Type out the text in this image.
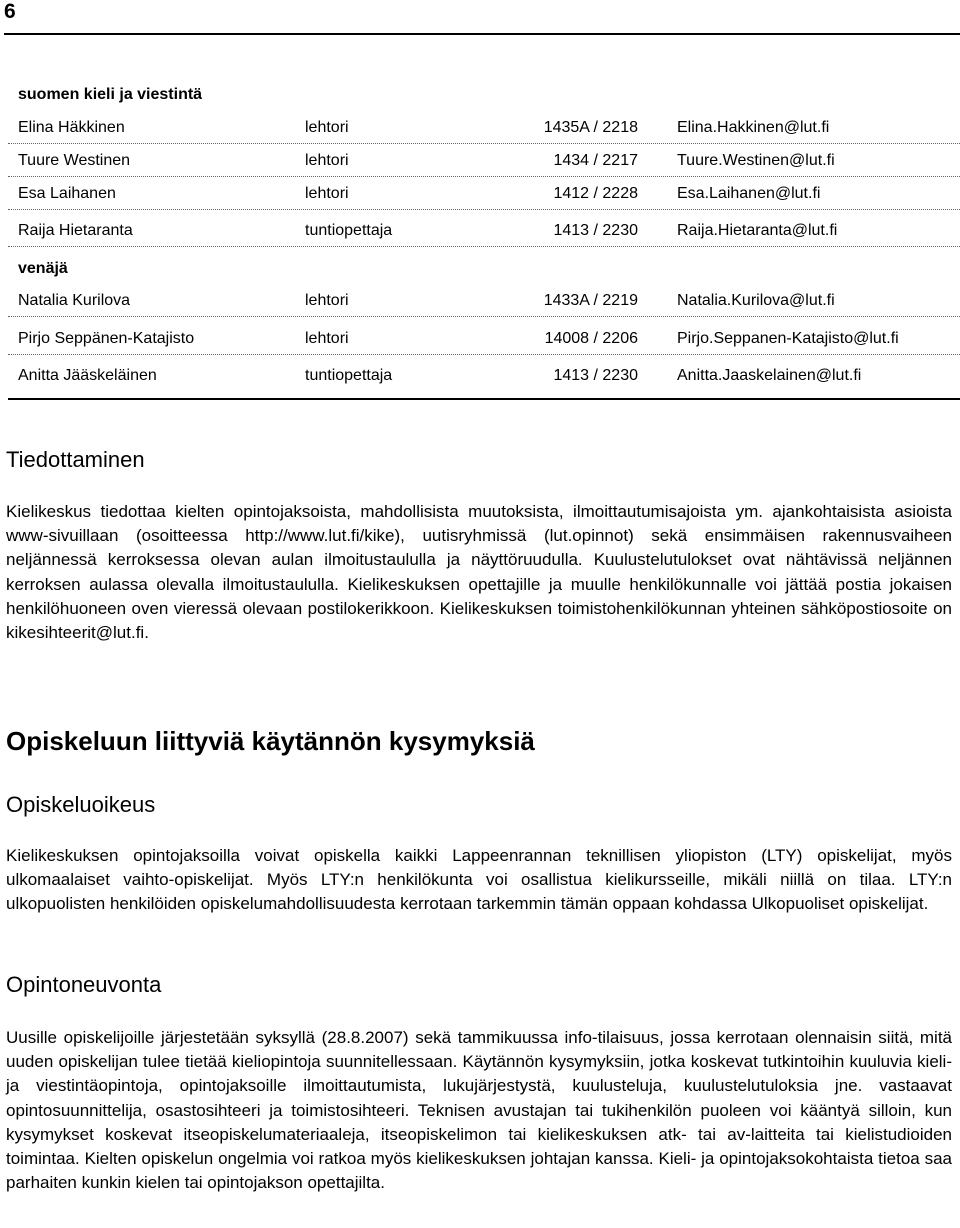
6
suomen kieli ja viestintä
Elina Häkkinen	lehtori	1435A / 2218 Elina.Hakkinen@lut.fi
Tuure Westinen	lehtori	1434 / 2217 Tuure.Westinen@lut.fi
Esa Laihanen	lehtori	1412 / 2228 Esa.Laihanen@lut.fi
Raija Hietaranta	tuntiopettaja	1413 / 2230 Raija.Hietaranta@lut.fi
venäjä
Natalia Kurilova	lehtori	1433A / 2219 Natalia.Kurilova@lut.fi
Pirjo Seppänen-Katajisto	lehtori	14008 / 2206 Pirjo.Seppanen-Katajisto@lut.fi
Anitta Jääskeläinen	tuntiopettaja	1413 / 2230 Anitta.Jaaskelainen@lut.fi
Tiedottaminen

Kielikeskus tiedottaa kielten opintojaksoista, mahdollisista muutoksista, ilmoittautumisajoista ym. ajankohtaisista asioista www-sivuillaan (osoitteessa http://www.lut.fi/kike), uutisryhmissä (lut.opinnot) sekä ensimmäisen rakennusvaiheen neljännessä kerroksessa olevan aulan ilmoitustaululla ja näyttöruudulla. Kuulustelutulokset ovat nähtävissä neljännen kerroksen aulassa olevalla ilmoitustaululla. Kielikeskuksen opettajille ja muulle henkilökunnalle voi jättää postia jokaisen henkilöhuoneen oven vieressä olevaan postilokerikkoon. Kielikeskuksen toimistohenkilökunnan yhteinen sähköpostiosoite on kikesihteerit@lut.fi.

Opiskeluun liittyviä käytännön kysymyksiä
Opiskeluoikeus

Kielikeskuksen opintojaksoilla voivat opiskella kaikki Lappeenrannan teknillisen yliopiston (LTY) opiskelijat, myös ulkomaalaiset vaihto-opiskelijat. Myös LTY:n henkilökunta voi osallistua kielikursseille, mikäli niillä on tilaa. LTY:n ulkopuolisten henkilöiden opiskelumahdollisuudesta kerrotaan tarkemmin tämän oppaan kohdassa Ulkopuoliset opiskelijat.

Opintoneuvonta

Uusille opiskelijoille järjestetään syksyllä (28.8.2007) sekä tammikuussa info-tilaisuus, jossa kerrotaan olennaisin siitä, mitä uuden opiskelijan tulee tietää kieliopintoja suunnitellessaan. Käytännön kysymyksiin, jotka koskevat tutkintoihin kuuluvia kieli- ja viestintäopintoja, opintojaksoille ilmoittautumista, lukujärjestystä, kuulusteluja, kuulustelutuloksia jne. vastaavat opintosuunnittelija, osastosihteeri ja toimistosihteeri. Teknisen avustajan tai tukihenkilön puoleen voi kääntyä silloin, kun kysymykset koskevat itseopiskelumateriaaleja, itseopiskelimon tai kielikeskuksen atk- tai av-laitteita tai kielistudioiden toimintaa. Kielten opiskelun ongelmia voi ratkoa myös kielikeskuksen johtajan kanssa. Kieli- ja opintojaksokohtaista tietoa saa parhaiten kunkin kielen tai opintojakson opettajilta.
